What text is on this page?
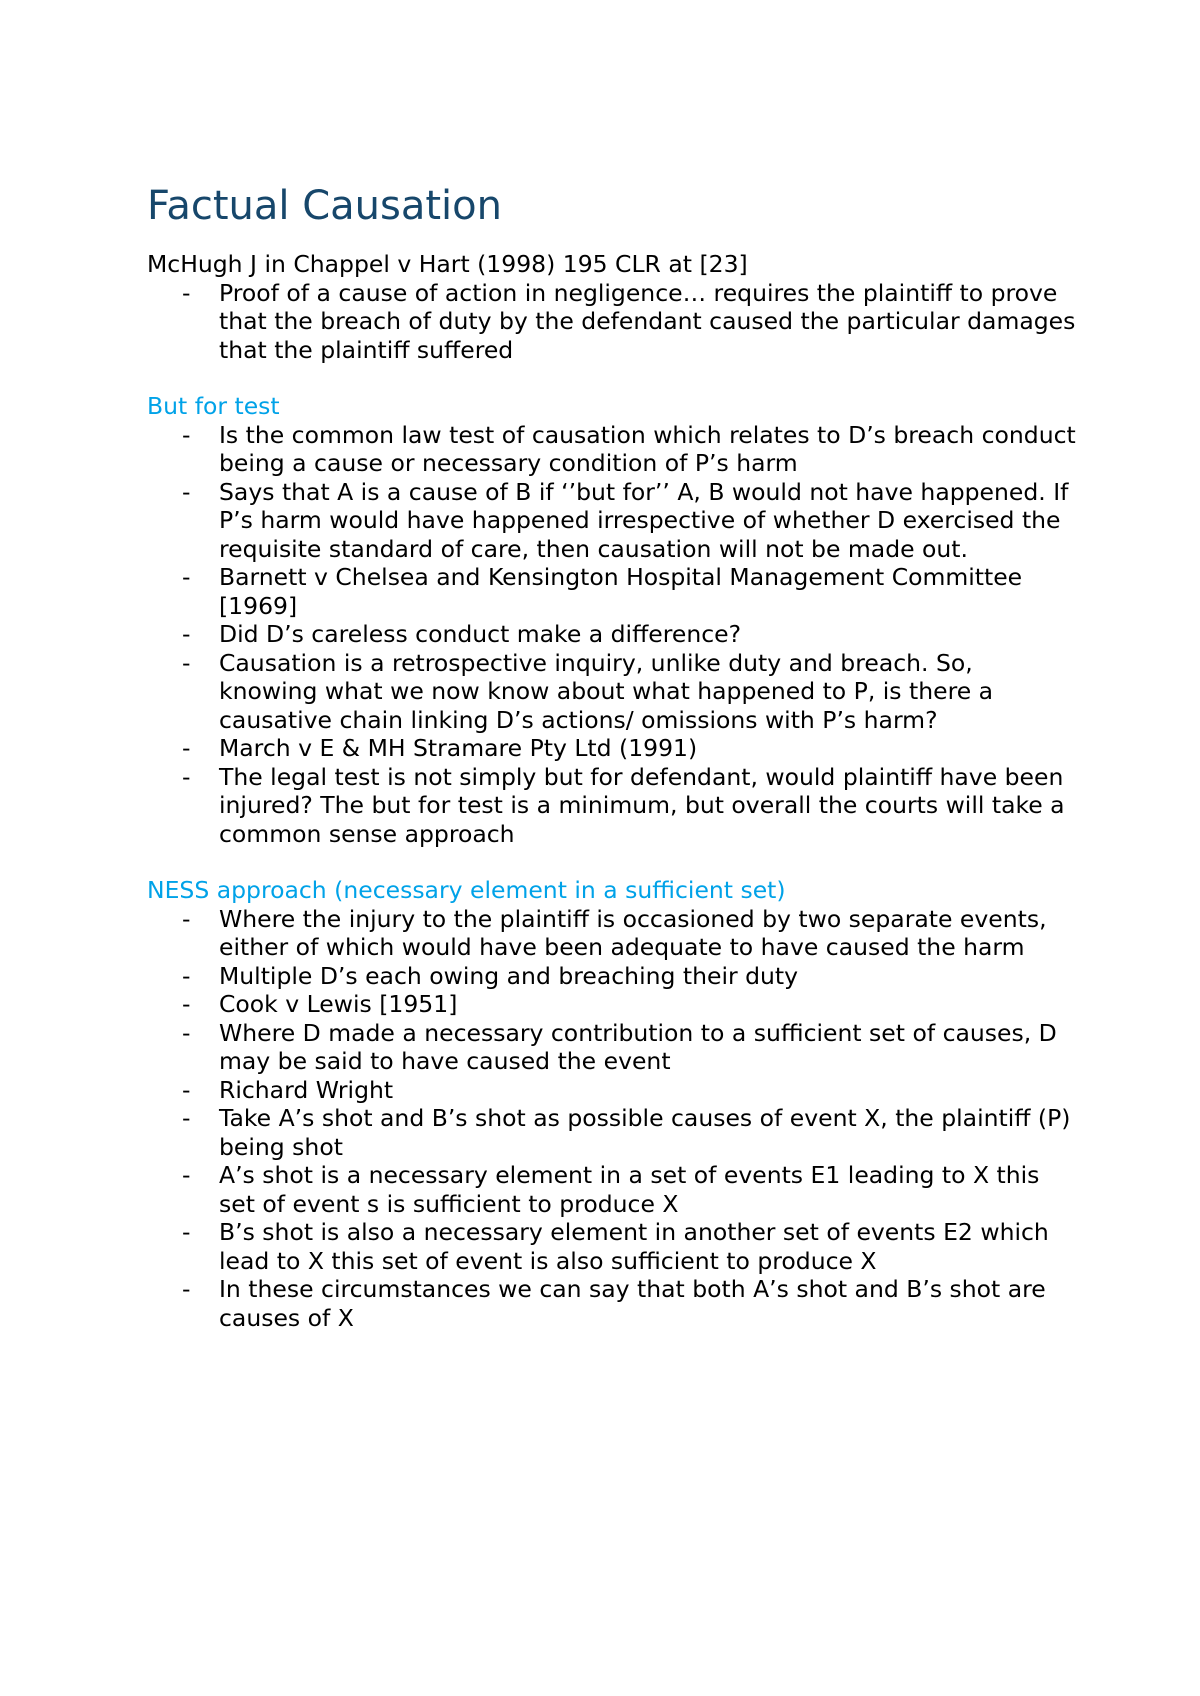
Factual Causation

McHugh J in Chappel v Hart (1998) 195 CLR at [23]

- Proof of a cause of action in negligence… requires the plaintiff to prove that the breach of duty by the defendant caused the particular damages that the plaintiff suffered
But for test
- Is the common law test of causation which relates to D’s breach conduct being a cause or necessary condition of P’s harm
- Says that A is a cause of B if ‘’but for’’ A, B would not have happened. If P’s harm would have happened irrespective of whether D exercised the requisite standard of care, then causation will not be made out.
- Barnett v Chelsea and Kensington Hospital Management Committee [1969]
- Did D’s careless conduct make a difference?
- Causation is a retrospective inquiry, unlike duty and breach. So, knowing what we now know about what happened to P, is there a causative chain linking D’s actions/ omissions with P’s harm?
- March v E & MH Stramare Pty Ltd (1991)
- The legal test is not simply but for defendant, would plaintiff have been injured? The but for test is a minimum, but overall the courts will take a common sense approach
NESS approach (necessary element in a sufficient set)
- Where the injury to the plaintiff is occasioned by two separate events, either of which would have been adequate to have caused the harm
- Multiple D’s each owing and breaching their duty
- Cook v Lewis [1951]
- Where D made a necessary contribution to a sufficient set of causes, D may be said to have caused the event
- Richard Wright
- Take A’s shot and B’s shot as possible causes of event X, the plaintiff (P) being shot
- A’s shot is a necessary element in a set of events E1 leading to X this set of event s is sufficient to produce X
- B’s shot is also a necessary element in another set of events E2 which lead to X this set of event is also sufficient to produce X
- In these circumstances we can say that both A’s shot and B’s shot are causes of X
